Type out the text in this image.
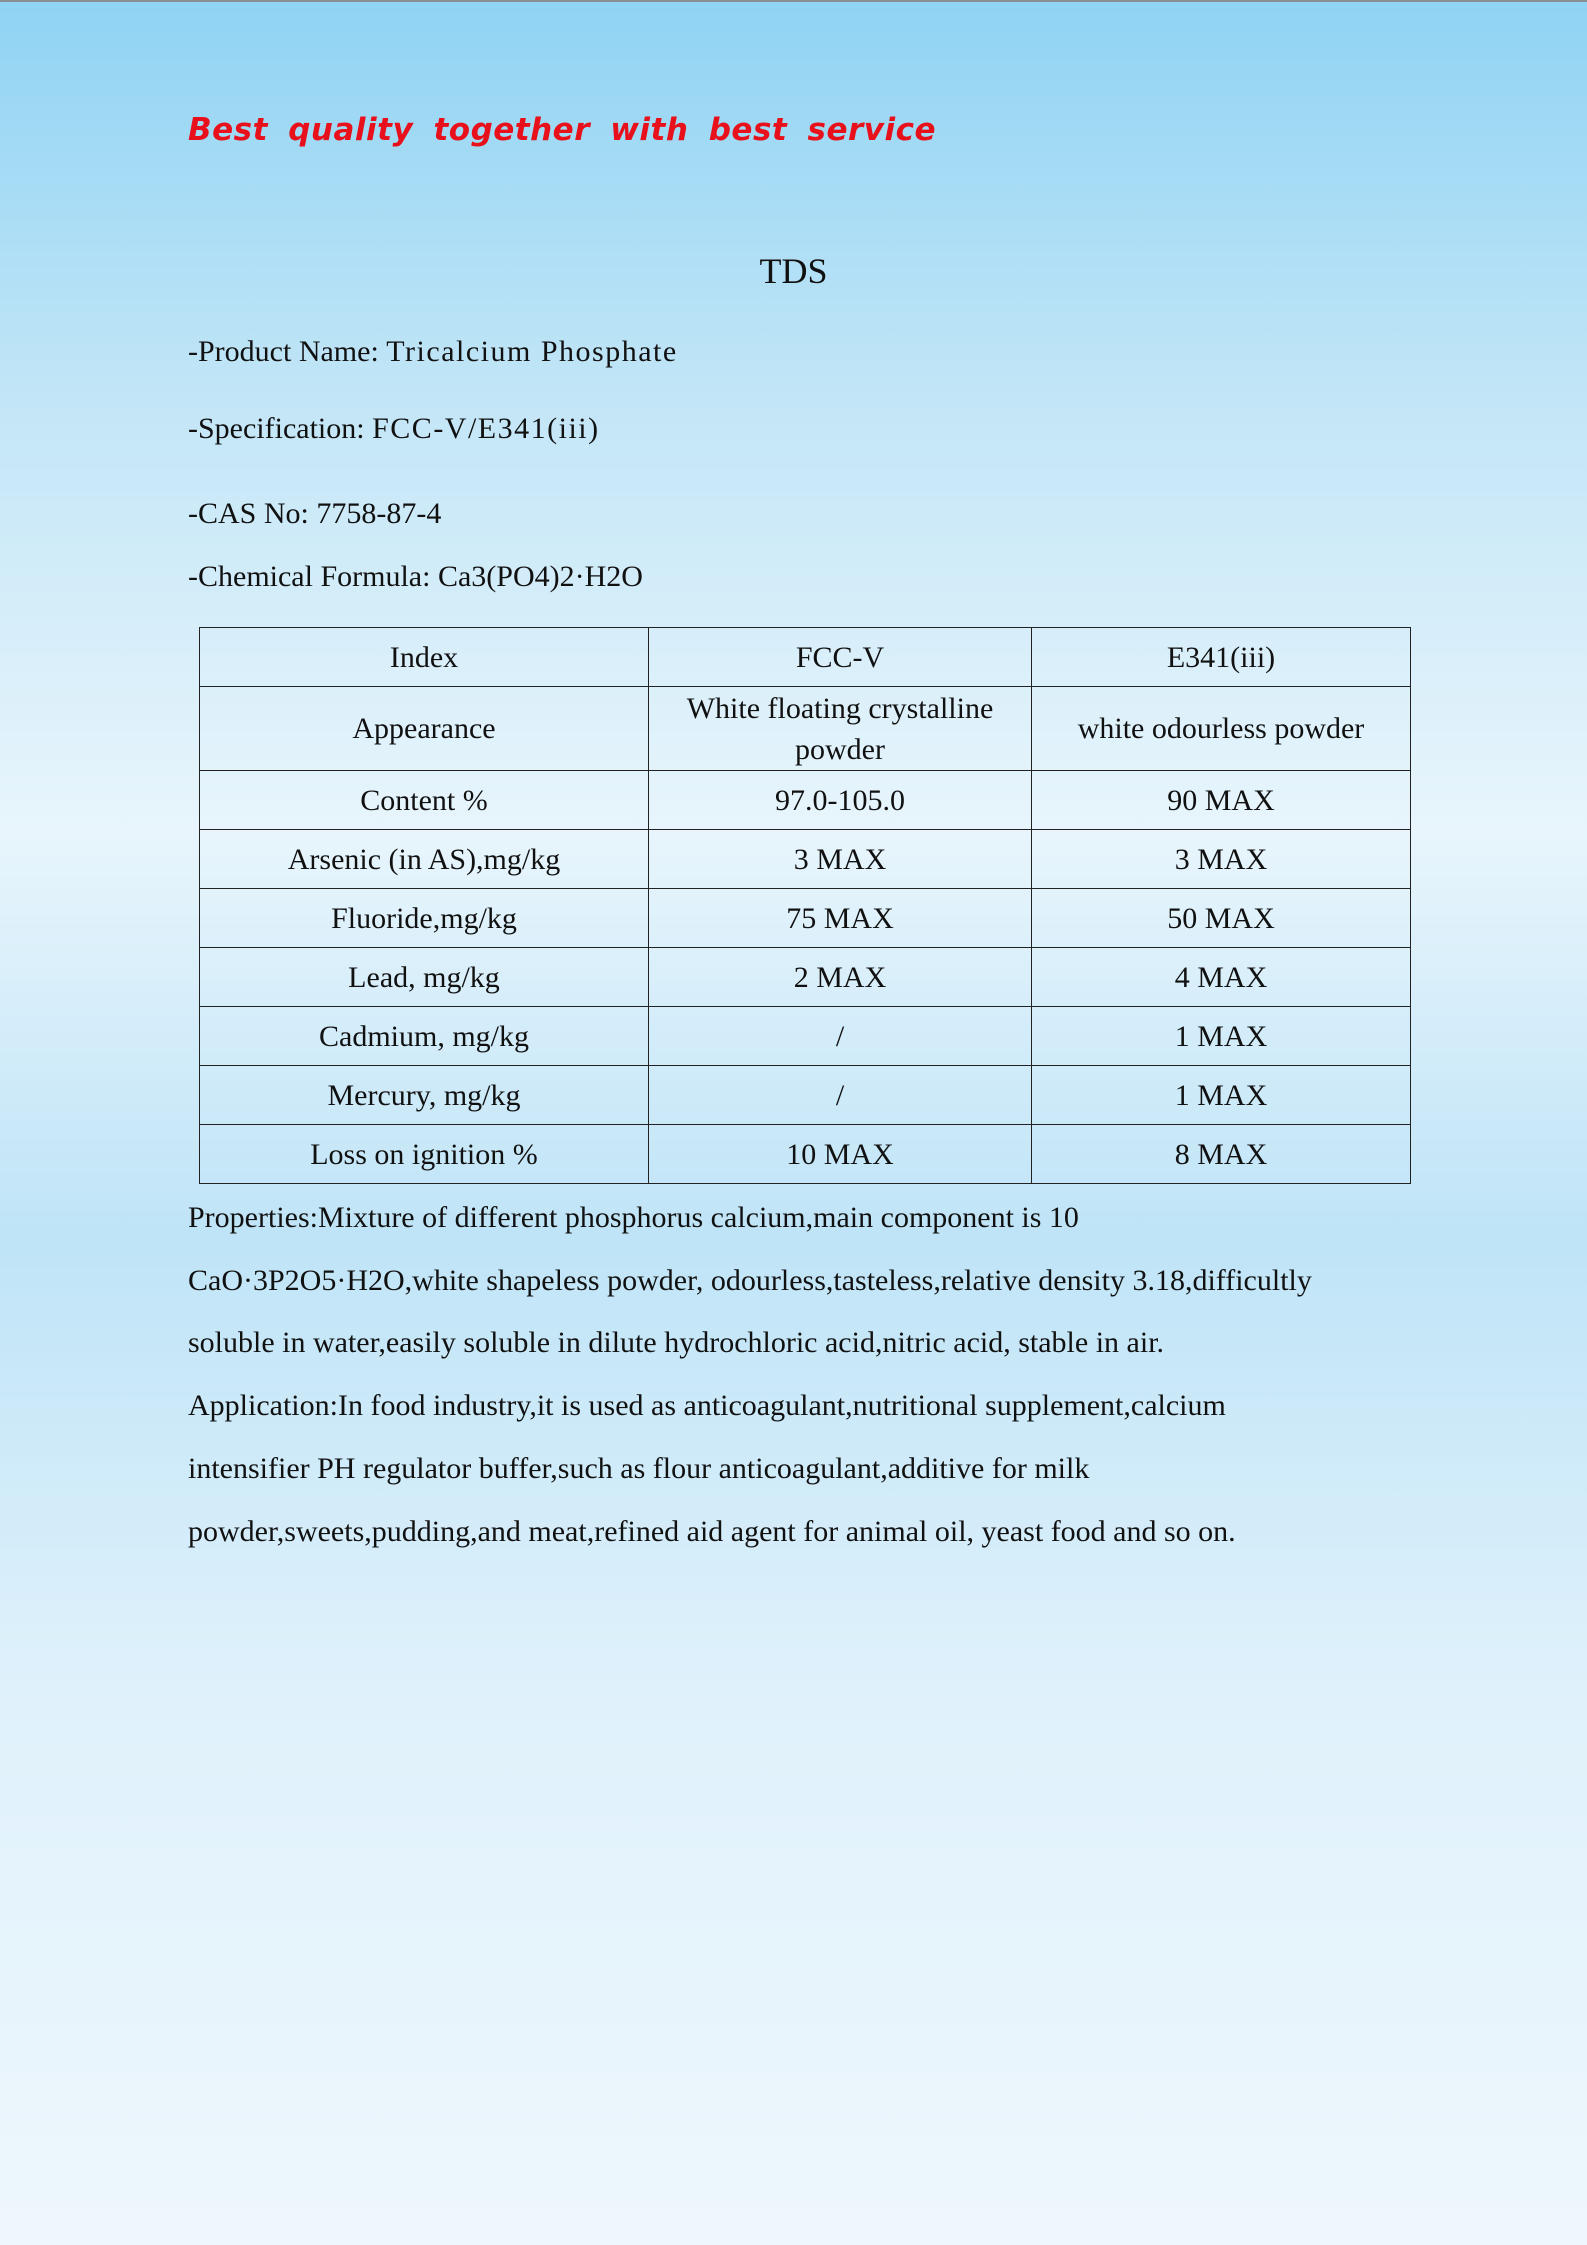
Best quality together with best service
TDS
-Product Name: Tricalcium Phosphate
-Specification: FCC-V/E341(iii)
-CAS No: 7758-87-4
-Chemical Formula: Ca3(PO4)2·H2O
Index	FCC-V	E341(iii)
Appearance	White floating crystalline powder	white odourless powder
Content %	97.0-105.0	90 MAX
Arsenic (in AS),mg/kg	3 MAX	3 MAX
Fluoride,mg/kg	75 MAX	50 MAX
Lead, mg/kg	2 MAX	4 MAX
Cadmium, mg/kg	/	1 MAX
Mercury, mg/kg	/	1 MAX
Loss on ignition %	10 MAX	8 MAX

Properties:Mixture of different phosphorus calcium,main component is 10

CaO·3P2O5·H2O,white shapeless powder, odourless,tasteless,relative density 3.18,difficultly

soluble in water,easily soluble in dilute hydrochloric acid,nitric acid, stable in air.

Application:In food industry,it is used as anticoagulant,nutritional supplement,calcium

intensifier PH regulator buffer,such as flour anticoagulant,additive for milk

powder,sweets,pudding,and meat,refined aid agent for animal oil, yeast food and so on.
